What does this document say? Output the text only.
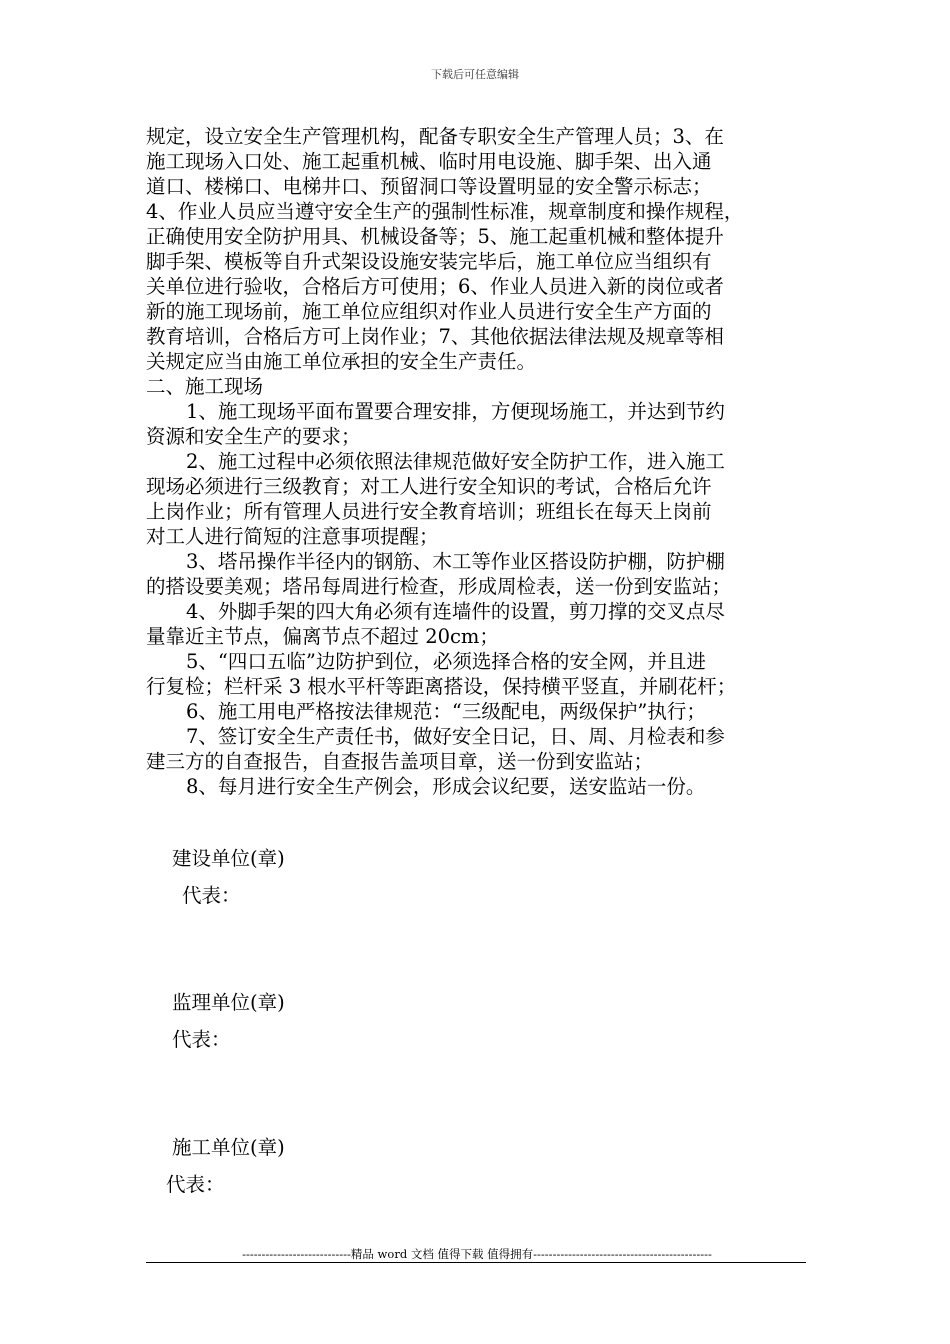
下载后可任意编辑
规定，设立安全生产管理机构，配备专职安全生产管理人员；3、在
施工现场入口处、施工起重机械、临时用电设施、脚手架、出入通
道口、楼梯口、电梯井口、预留洞口等设置明显的安全警示标志；
4、作业人员应当遵守安全生产的强制性标准，规章制度和操作规程，
正确使用安全防护用具、机械设备等；5、施工起重机械和整体提升
脚手架、模板等自升式架设设施安装完毕后，施工单位应当组织有
关单位进行验收，合格后方可使用；6、作业人员进入新的岗位或者
新的施工现场前，施工单位应组织对作业人员进行安全生产方面的
教育培训，合格后方可上岗作业；7、其他依据法律法规及规章等相
关规定应当由施工单位承担的安全生产责任。
二、施工现场
1、施工现场平面布置要合理安排，方便现场施工，并达到节约
资源和安全生产的要求；
2、施工过程中必须依照法律规范做好安全防护工作，进入施工
现场必须进行三级教育；对工人进行安全知识的考试，合格后允许
上岗作业；所有管理人员进行安全教育培训；班组长在每天上岗前
对工人进行简短的注意事项提醒；
3、塔吊操作半径内的钢筋、木工等作业区搭设防护棚，防护棚
的搭设要美观；塔吊每周进行检查，形成周检表，送一份到安监站；
4、外脚手架的四大角必须有连墙件的设置，剪刀撑的交叉点尽
量靠近主节点，偏离节点不超过 20cm；
5、“四口五临”边防护到位，必须选择合格的安全网，并且进
行复检；栏杆采 3 根水平杆等距离搭设，保持横平竖直，并刷花杆；
6、施工用电严格按法律规范：“三级配电，两级保护”执行；
7、签订安全生产责任书，做好安全日记，日、周、月检表和参
建三方的自查报告，自查报告盖项目章，送一份到安监站；
8、每月进行安全生产例会，形成会议纪要，送安监站一份。
建设单位(章)
代表：
监理单位(章)
代表：
施工单位(章)
代表：
----------------------------精品 word 文档 值得下载 值得拥有----------------------------------------------
